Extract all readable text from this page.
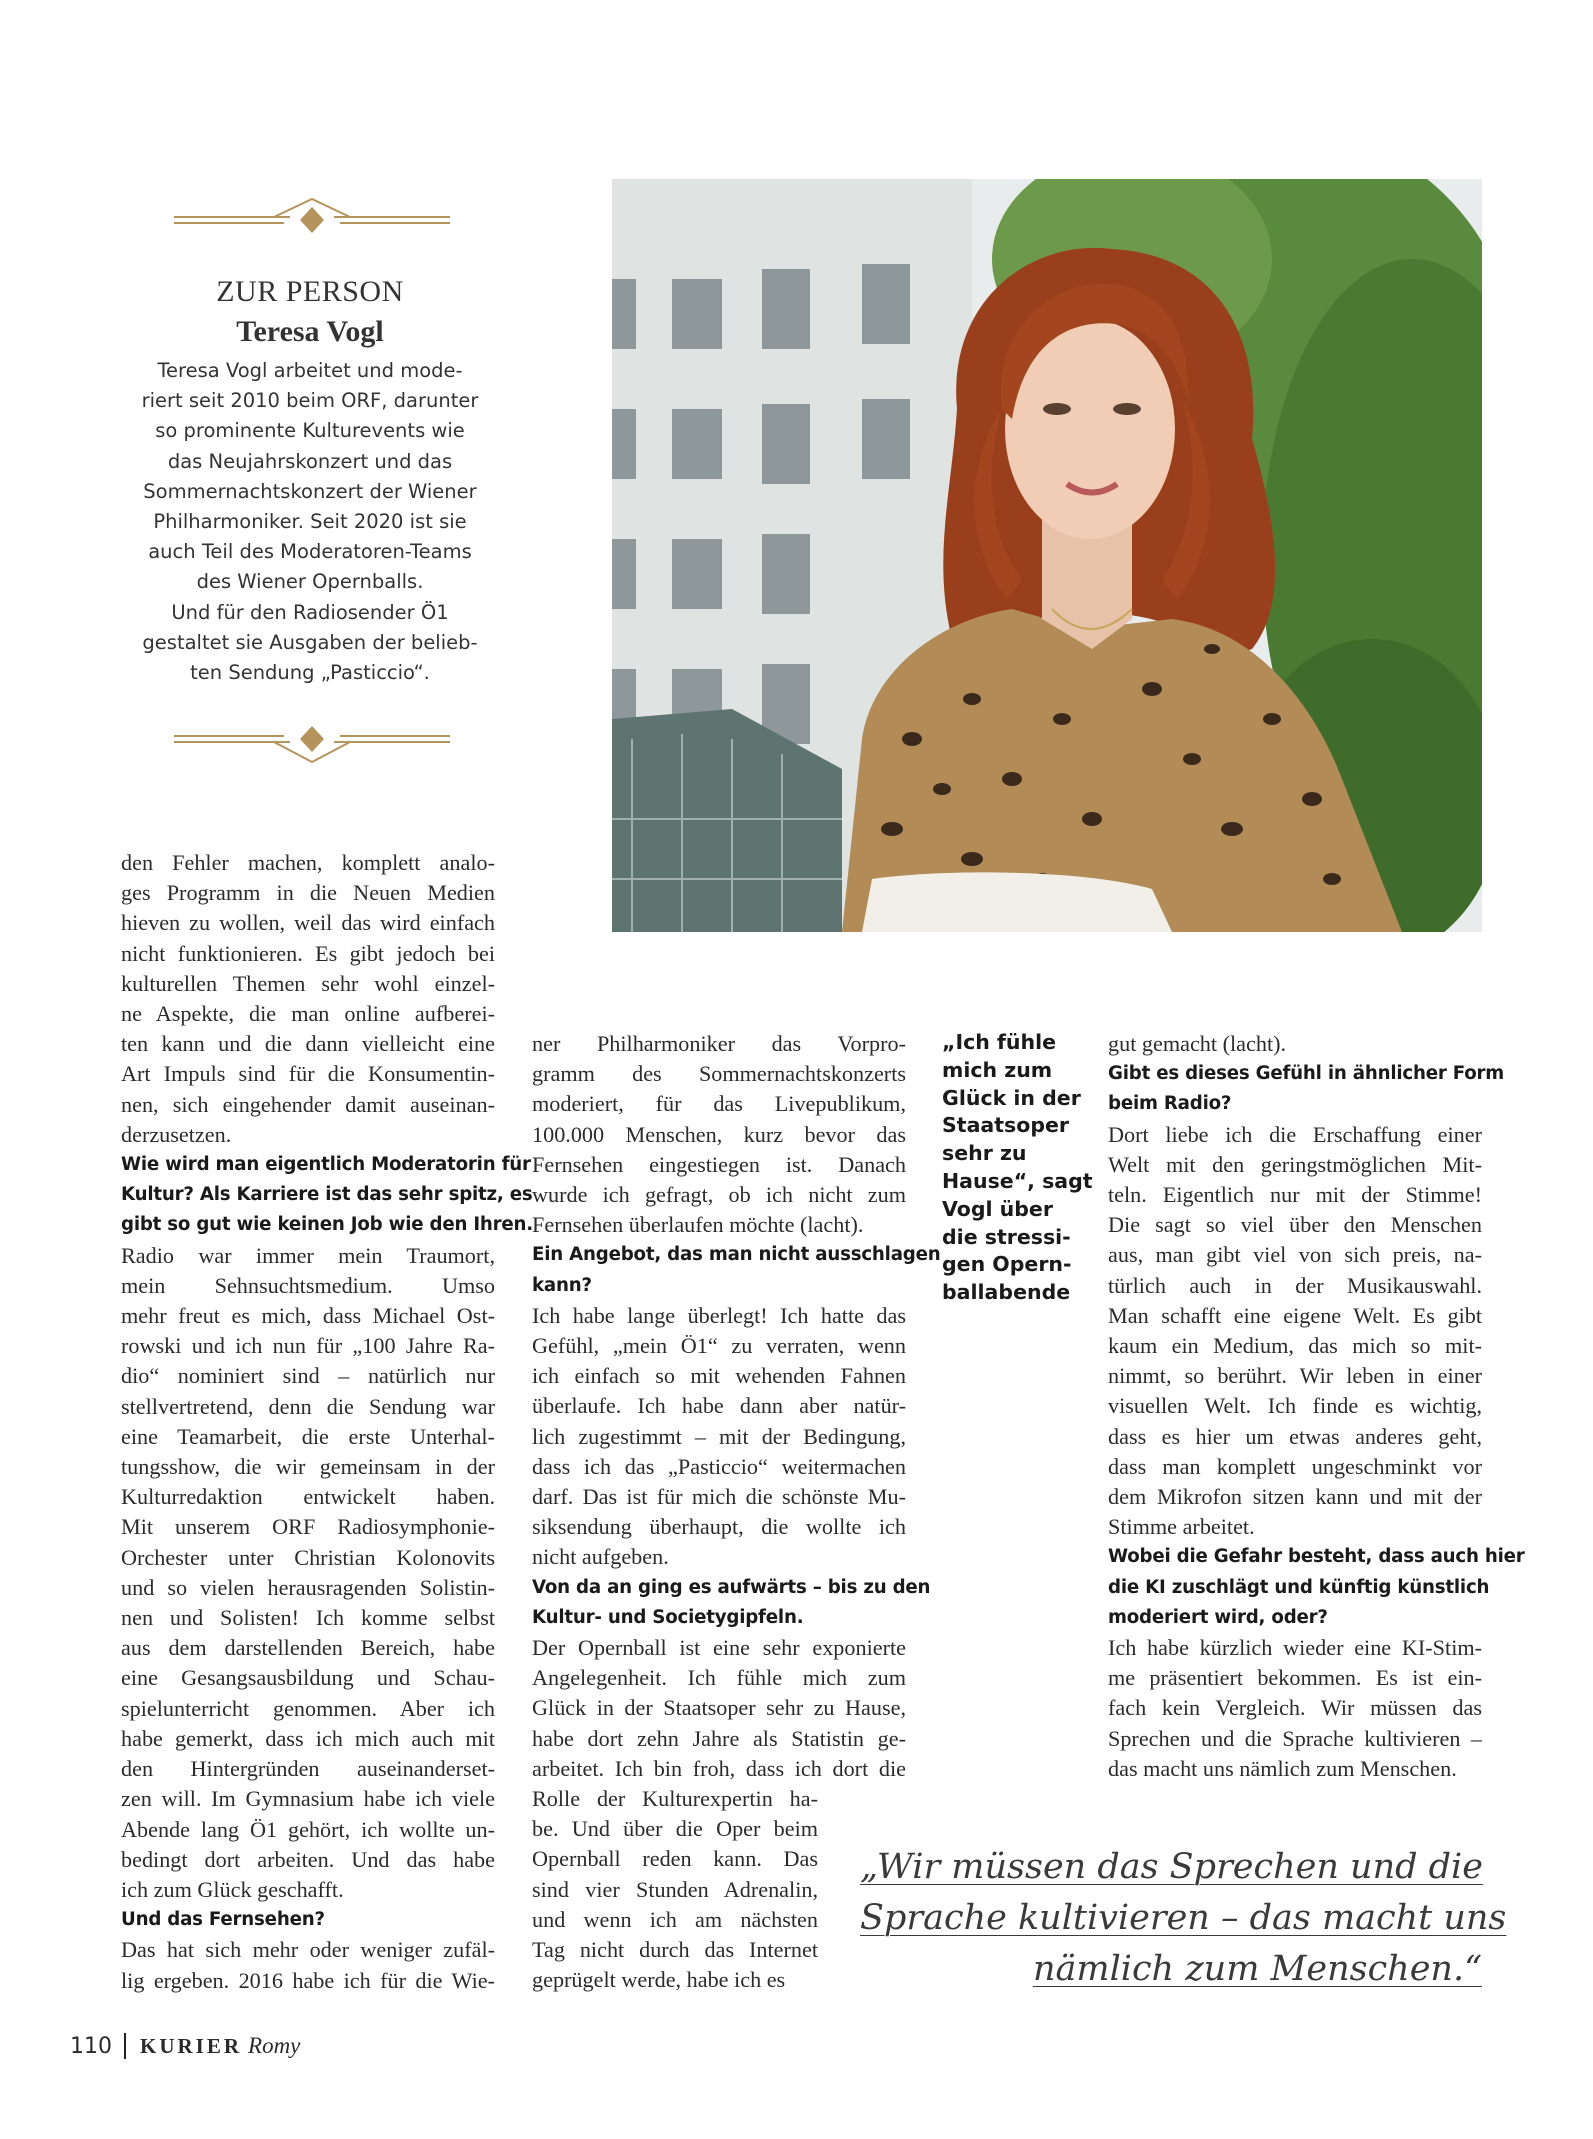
ZUR PERSON
Teresa Vogl
Teresa Vogl arbeitet und mode-
riert seit 2010 beim ORF, darunter
so prominente Kulturevents wie
das Neujahrskonzert und das
Sommernachtskonzert der Wiener
Philharmoniker. Seit 2020 ist sie
auch Teil des Moderatoren-Teams
des Wiener Opernballs.
Und für den Radiosender Ö1
gestaltet sie Ausgaben der belieb-
ten Sendung „Pasticcio“.
den Fehler machen, komplett analo-
ges Programm in die Neuen Medien
hieven zu wollen, weil das wird einfach
nicht funktionieren. Es gibt jedoch bei
kulturellen Themen sehr wohl einzel-
ne Aspekte, die man online aufberei-
ten kann und die dann vielleicht eine
Art Impuls sind für die Konsumentin-
nen, sich eingehender damit auseinan-
derzusetzen.
Wie wird man eigentlich Moderatorin für
Kultur? Als Karriere ist das sehr spitz, es
gibt so gut wie keinen Job wie den Ihren.
Radio war immer mein Traumort,
mein Sehnsuchtsmedium. Umso
mehr freut es mich, dass Michael Ost-
rowski und ich nun für „100 Jahre Ra-
dio“ nominiert sind – natürlich nur
stellvertretend, denn die Sendung war
eine Teamarbeit, die erste Unterhal-
tungsshow, die wir gemeinsam in der
Kulturredaktion entwickelt haben.
Mit unserem ORF Radiosymphonie-
Orchester unter Christian Kolonovits
und so vielen herausragenden Solistin-
nen und Solisten! Ich komme selbst
aus dem darstellenden Bereich, habe
eine Gesangsausbildung und Schau-
spielunterricht genommen. Aber ich
habe gemerkt, dass ich mich auch mit
den Hintergründen auseinanderset-
zen will. Im Gymnasium habe ich viele
Abende lang Ö1 gehört, ich wollte un-
bedingt dort arbeiten. Und das habe
ich zum Glück geschafft.
Und das Fernsehen?
Das hat sich mehr oder weniger zufäl-
lig ergeben. 2016 habe ich für die Wie-
ner Philharmoniker das Vorpro-
gramm des Sommernachtskonzerts
moderiert, für das Livepublikum,
100.000 Menschen, kurz bevor das
Fernsehen eingestiegen ist. Danach
wurde ich gefragt, ob ich nicht zum
Fernsehen überlaufen möchte (lacht).
Ein Angebot, das man nicht ausschlagen
kann?
Ich habe lange überlegt! Ich hatte das
Gefühl, „mein Ö1“ zu verraten, wenn
ich einfach so mit wehenden Fahnen
überlaufe. Ich habe dann aber natür-
lich zugestimmt – mit der Bedingung,
dass ich das „Pasticcio“ weitermachen
darf. Das ist für mich die schönste Mu-
siksendung überhaupt, die wollte ich
nicht aufgeben.
Von da an ging es aufwärts – bis zu den
Kultur- und Societygipfeln.
Der Opernball ist eine sehr exponierte
Angelegenheit. Ich fühle mich zum
Glück in der Staatsoper sehr zu Hause,
habe dort zehn Jahre als Statistin ge-
arbeitet. Ich bin froh, dass ich dort die
Rolle der Kulturexpertin ha-
be. Und über die Oper beim
Opernball reden kann. Das
sind vier Stunden Adrenalin,
und wenn ich am nächsten
Tag nicht durch das Internet
geprügelt werde, habe ich es
„Ich fühle
mich zum
Glück in der
Staatsoper
sehr zu
Hause“, sagt
Vogl über
die stressi-
gen Opern-
ballabende
gut gemacht (lacht).
Gibt es dieses Gefühl in ähnlicher Form
beim Radio?
Dort liebe ich die Erschaffung einer
Welt mit den geringstmöglichen Mit-
teln. Eigentlich nur mit der Stimme!
Die sagt so viel über den Menschen
aus, man gibt viel von sich preis, na-
türlich auch in der Musikauswahl.
Man schafft eine eigene Welt. Es gibt
kaum ein Medium, das mich so mit-
nimmt, so berührt. Wir leben in einer
visuellen Welt. Ich finde es wichtig,
dass es hier um etwas anderes geht,
dass man komplett ungeschminkt vor
dem Mikrofon sitzen kann und mit der
Stimme arbeitet.
Wobei die Gefahr besteht, dass auch hier
die KI zuschlägt und künftig künstlich
moderiert wird, oder?
Ich habe kürzlich wieder eine KI-Stim-
me präsentiert bekommen. Es ist ein-
fach kein Vergleich. Wir müssen das
Sprechen und die Sprache kultivieren –
das macht uns nämlich zum Menschen.
„Wir müssen das Sprechen und die
Sprache kultivieren – das macht uns
nämlich zum Menschen.“
110 KURIER Romy
